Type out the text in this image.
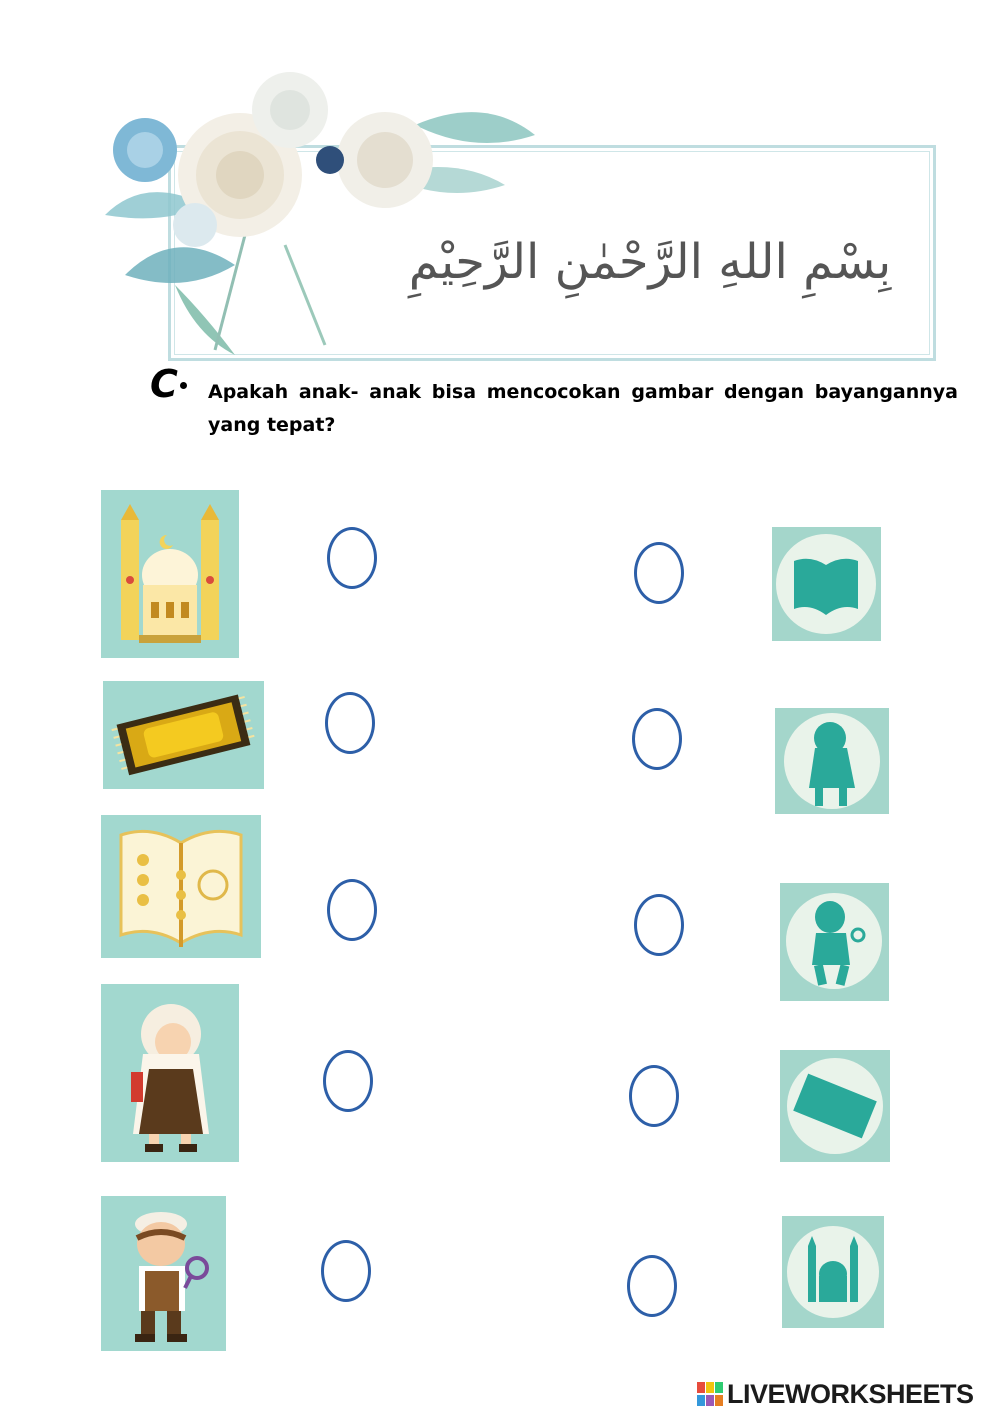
بِسْمِ اللهِ الرَّحْمٰنِ الرَّحِيْمِ
C Apakah anak- anak bisa mencocokan gambar dengan bayangannya yang tepat?
LIVEWORKSHEETS
